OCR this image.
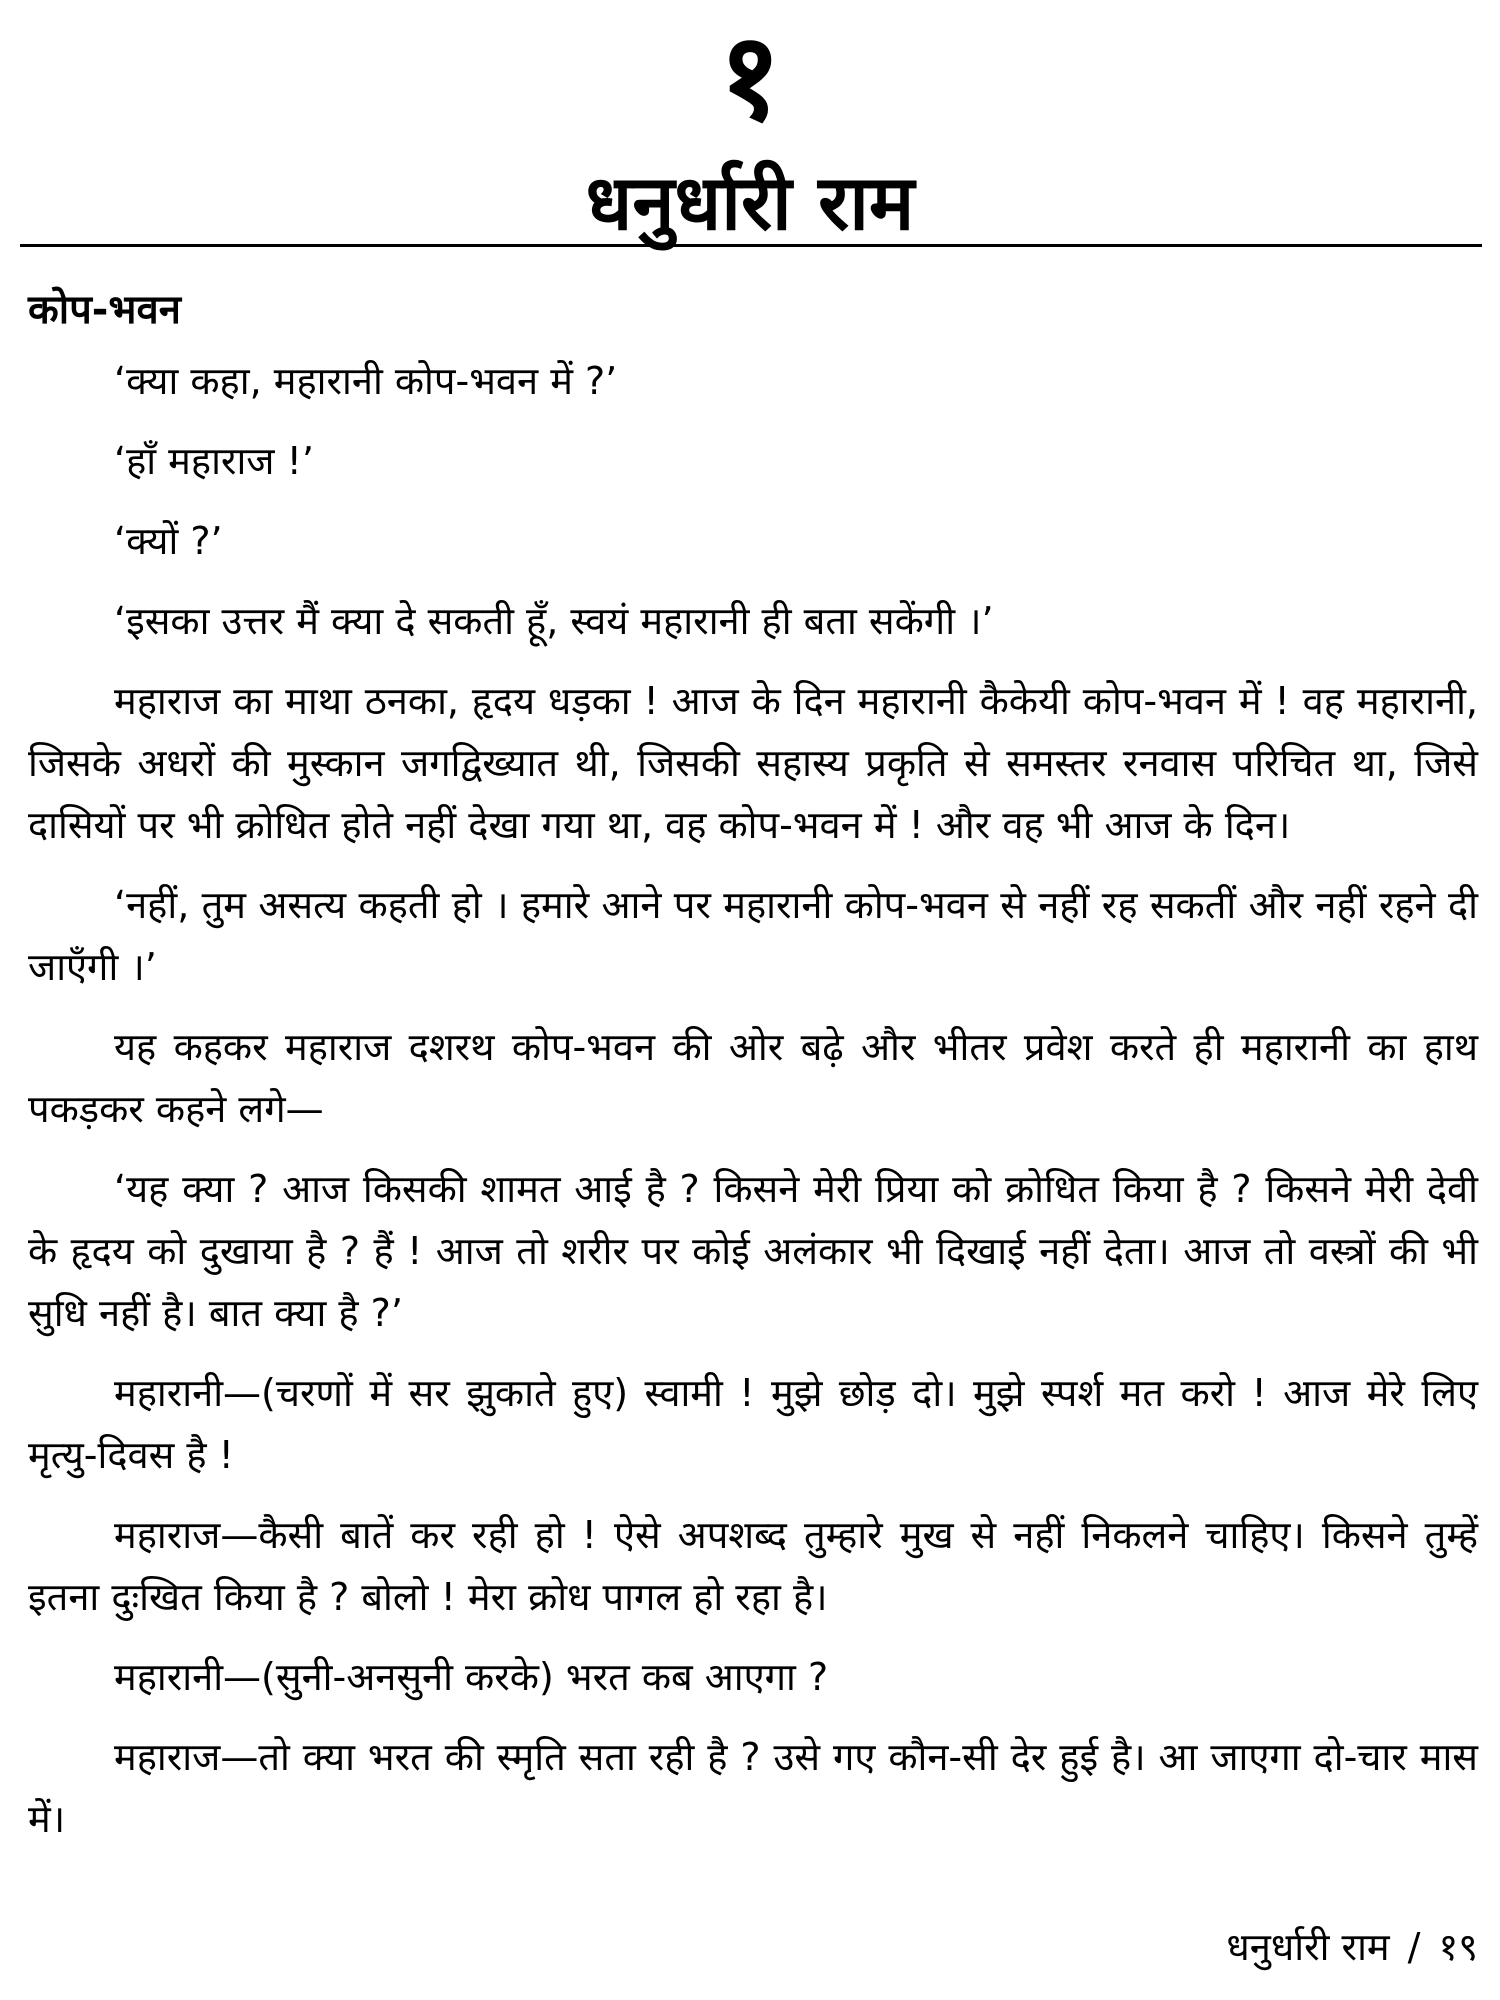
१
धनुर्धारी राम
कोप-भवन

‘क्या कहा, महारानी कोप-भवन में ?’

‘हाँ महाराज !’

‘क्यों ?’

‘इसका उत्तर मैं क्या दे सकती हूँ, स्वयं महारानी ही बता सकेंगी ।’

महाराज का माथा ठनका, हृदय धड़का ! आज के दिन महारानी कैकेयी कोप-भवन में ! वह महारानी, जिसके अधरों की मुस्कान जगद्विख्यात थी, जिसकी सहास्य प्रकृति से समस्तर रनवास परिचित था, जिसे दासियों पर भी क्रोधित होते नहीं देखा गया था, वह कोप-भवन में ! और वह भी आज के दिन।

‘नहीं, तुम असत्य कहती हो । हमारे आने पर महारानी कोप-भवन से नहीं रह सकतीं और नहीं रहने दी जाएँगी ।’

यह कहकर महाराज दशरथ कोप-भवन की ओर बढ़े और भीतर प्रवेश करते ही महारानी का हाथ पकड़कर कहने लगे—

‘यह क्या ? आज किसकी शामत आई है ? किसने मेरी प्रिया को क्रोधित किया है ? किसने मेरी देवी के हृदय को दुखाया है ? हैं ! आज तो शरीर पर कोई अलंकार भी दिखाई नहीं देता। आज तो वस्त्रों की भी सुधि नहीं है। बात क्या है ?’

महारानी—(चरणों में सर झुकाते हुए) स्वामी ! मुझे छोड़ दो। मुझे स्पर्श मत करो ! आज मेरे लिए मृत्यु-दिवस है !

महाराज—कैसी बातें कर रही हो ! ऐसे अपशब्द तुम्हारे मुख से नहीं निकलने चाहिए। किसने तुम्हें इतना दुःखित किया है ? बोलो ! मेरा क्रोध पागल हो रहा है।

महारानी—(सुनी-अनसुनी करके) भरत कब आएगा ?

महाराज—तो क्या भरत की स्मृति सता रही है ? उसे गए कौन-सी देर हुई है। आ जाएगा दो-चार मास में।

धनुर्धारी राम / १९
